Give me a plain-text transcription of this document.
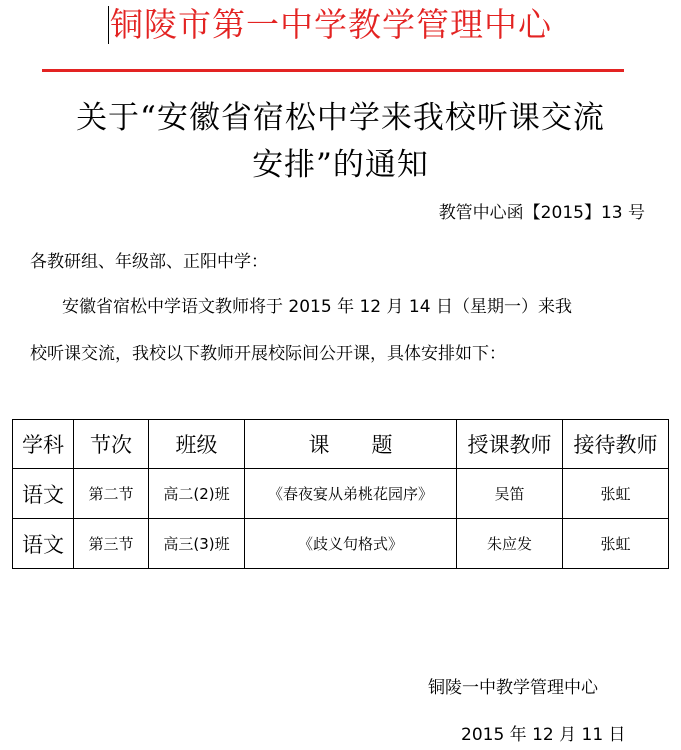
铜陵市第一中学教学管理中心
关于“安徽省宿松中学来我校听课交流
安排”的通知
教管中心函【2015】13 号
各教研组、年级部、正阳中学：
安徽省宿松中学语文教师将于 2015 年 12 月 14 日（星期一）来我
校听课交流，我校以下教师开展校际间公开课，具体安排如下：
学科	节次	班级	课　　题	授课教师	接待教师
语文	第二节	高二(2)班	《春夜宴从弟桃花园序》	吴笛	张虹
语文	第三节	高三(3)班	《歧义句格式》	朱应发	张虹
铜陵一中教学管理中心
2015 年 12 月 11 日
